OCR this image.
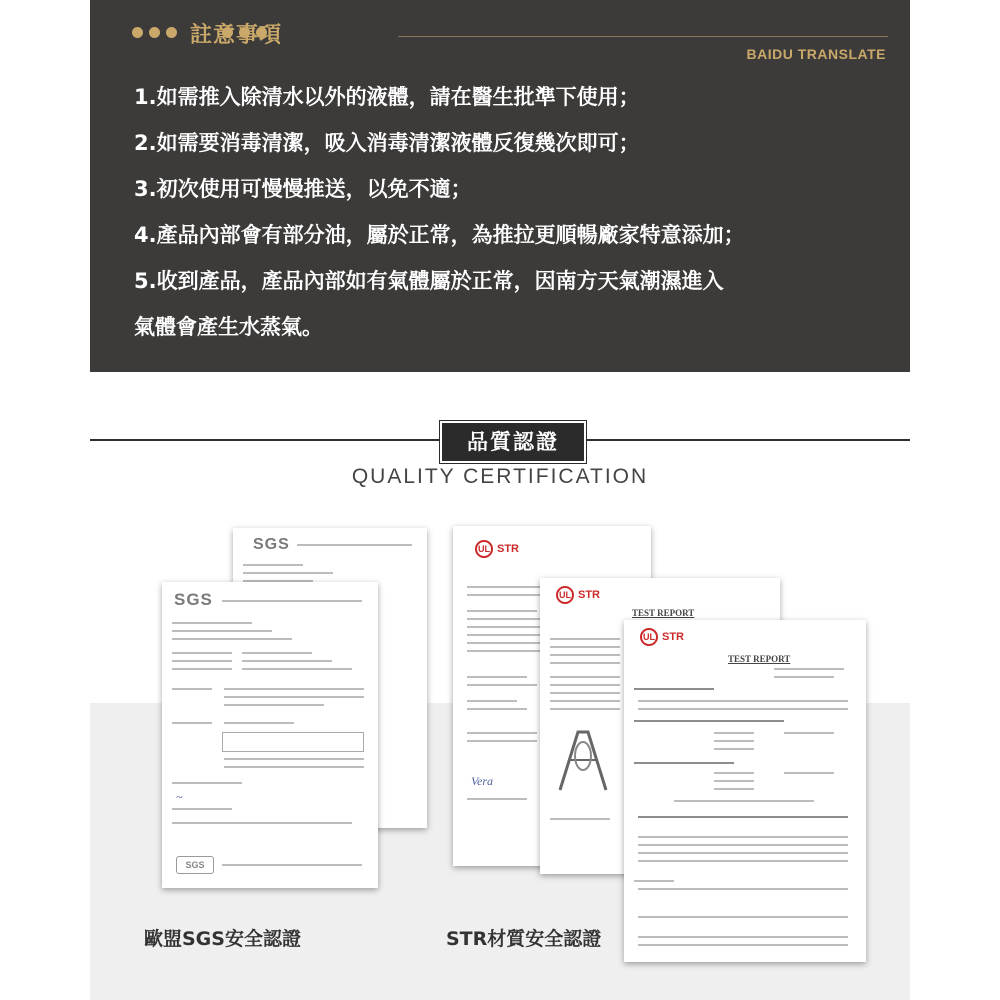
BAIDU TRANSLATE
註意事項
1.如需推入除清水以外的液體，請在醫生批準下使用；
2.如需要消毒清潔，吸入消毒清潔液體反復幾次即可；
3.初次使用可慢慢推送，以免不適；
4.產品內部會有部分油，屬於正常，為推拉更順暢廠家特意添加；
5.收到產品，產品內部如有氣體屬於正常，因南方天氣潮濕進入
氣體會產生水蒸氣。
品質認證
QUALITY CERTIFICATION
SGS
SGS
~
SGS
UL STR
Vera
UL STR
TEST REPORT
UL STR
TEST REPORT
歐盟SGS安全認證	STR材質安全認證
